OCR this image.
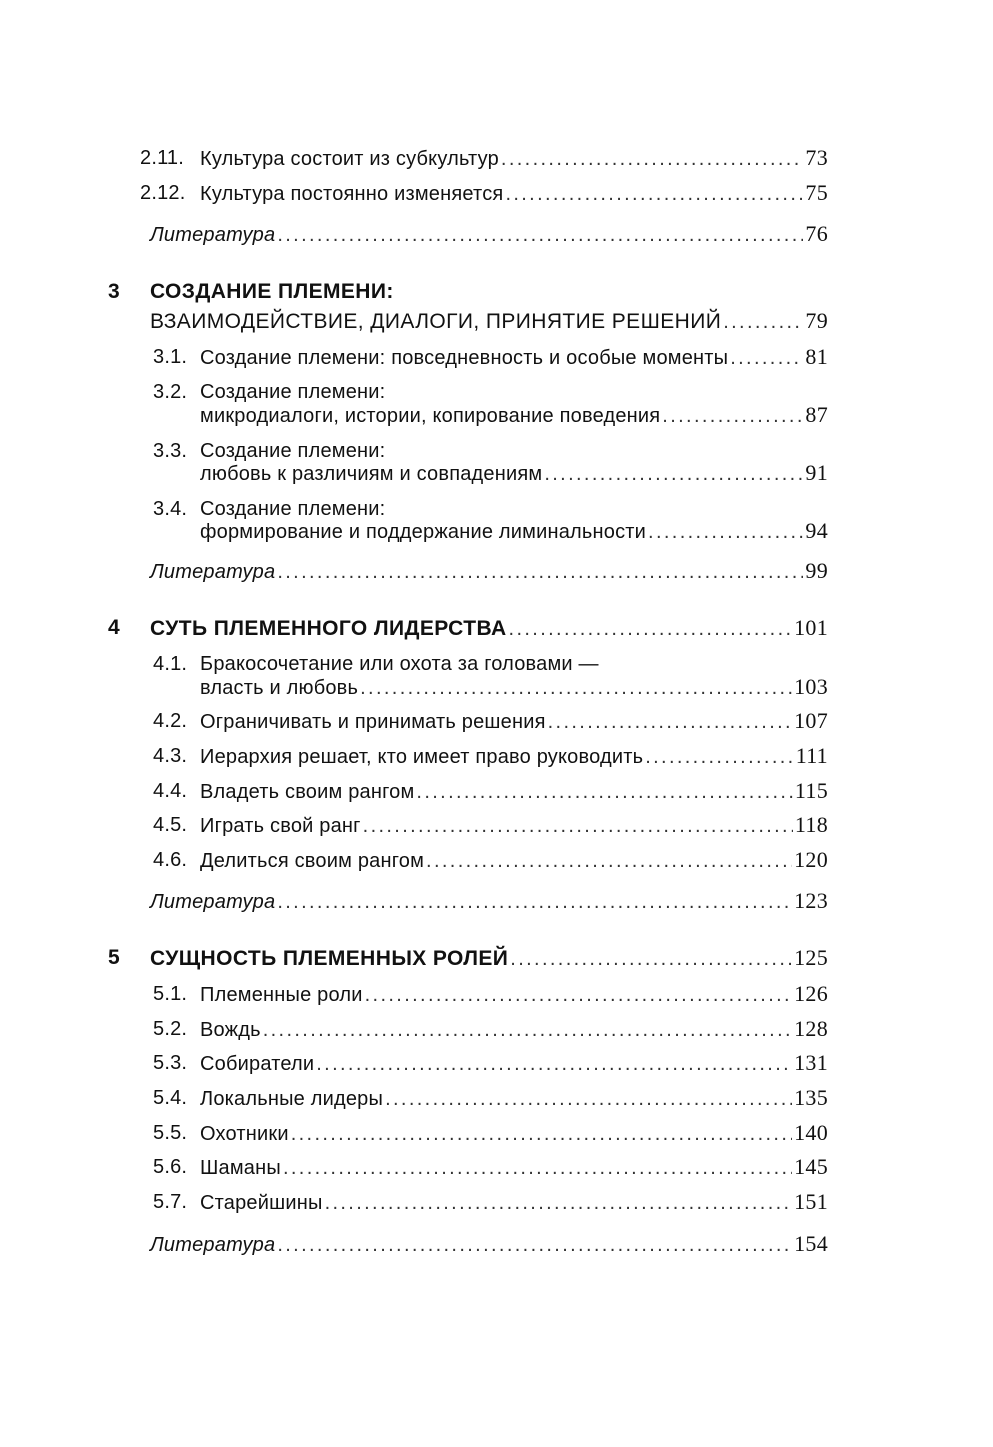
2.11. Культура состоит из субкультур . . .	73
2.12. Культура постоянно изменяется . . .	75
Литература . . .	76
3 СОЗДАНИЕ ПЛЕМЕНИ:
ВЗАИМОДЕЙСТВИЕ, ДИАЛОГИ, ПРИНЯТИЕ РЕШЕНИЙ . . .	79
3.1. Создание племени: повседневность и особые моменты . . .	81
3.2. Создание племени:
микродиалоги, истории, копирование поведения . . .	87
3.3. Создание племени:
любовь к различиям и совпадениям . . .	91
3.4. Создание племени:
формирование и поддержание лиминальности . . .	94
Литература . . .	99
4 СУТЬ ПЛЕМЕННОГО ЛИДЕРСТВА . . .	101
4.1. Бракосочетание или охота за головами —
власть и любовь . . .	103
4.2. Ограничивать и принимать решения . . .	107
4.3. Иерархия решает, кто имеет право руководить . . .	111
4.4. Владеть своим рангом . . .	115
4.5. Играть свой ранг . . .	118
4.6. Делиться своим рангом . . .	120
Литература . . .	123
5 СУЩНОСТЬ ПЛЕМЕННЫХ РОЛЕЙ . . .	125
5.1. Племенные роли . . .	126
5.2. Вождь . . .	128
5.3. Собиратели . . .	131
5.4. Локальные лидеры . . .	135
5.5. Охотники . . .	140
5.6. Шаманы . . .	145
5.7. Старейшины . . .	151
Литература . . .	154
